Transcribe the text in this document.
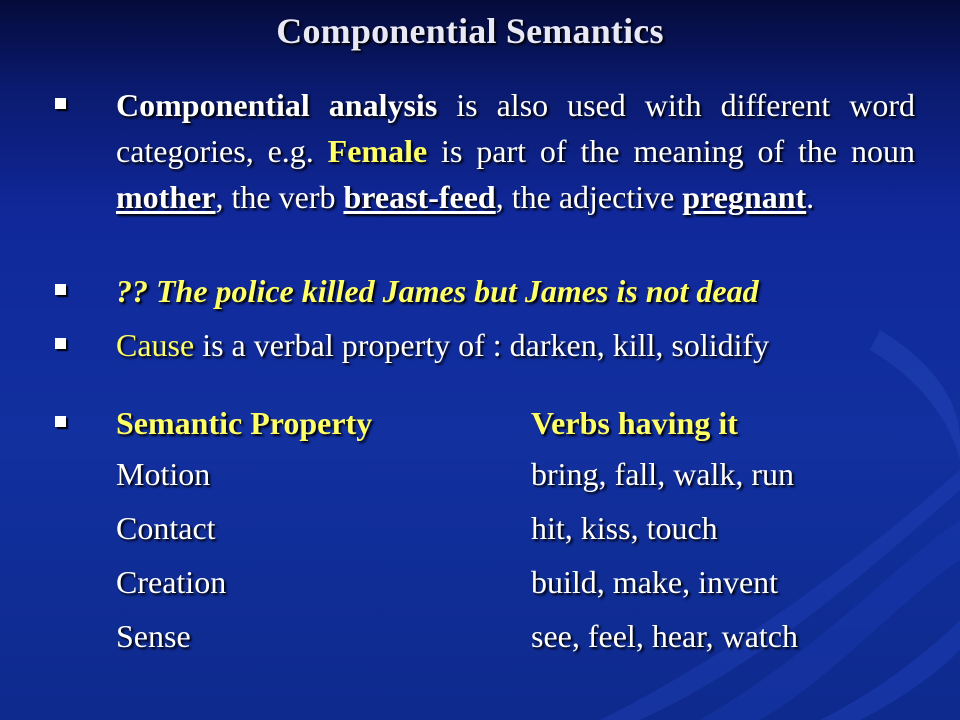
Componential Semantics
Componential analysis is also used with different word categories, e.g. Female is part of the meaning of the noun mother, the verb breast-feed, the adjective pregnant.
?? The police killed James but James is not dead
Cause is a verbal property of : darken, kill, solidify
Semantic Property	Verbs having it
Motion	bring, fall, walk, run
Contact	hit, kiss, touch
Creation	build, make, invent
Sense	see, feel, hear, watch
